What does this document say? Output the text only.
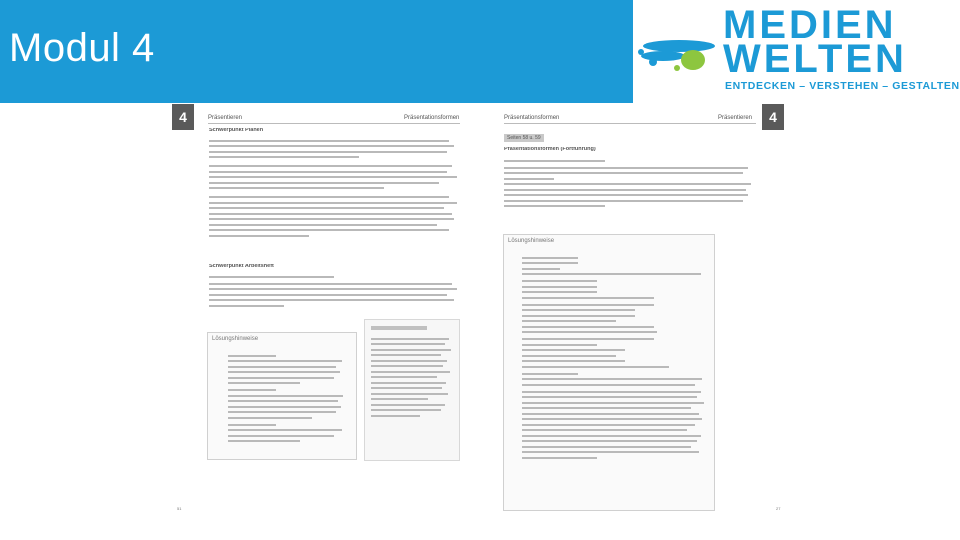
Modul 4
MEDIEN
WELTEN
ENTDECKEN – VERSTEHEN – GESTALTEN
4	Präsentieren	Präsentationsformen
Schwerpunkt Planen
Schwerpunkt Arbeitsheft
Lösungshinweise
51
4
Präsentationsformen	Präsentieren
Seiten 58 u. 59
Präsentationsformen (Fortführung)
Lösungshinweise
27
